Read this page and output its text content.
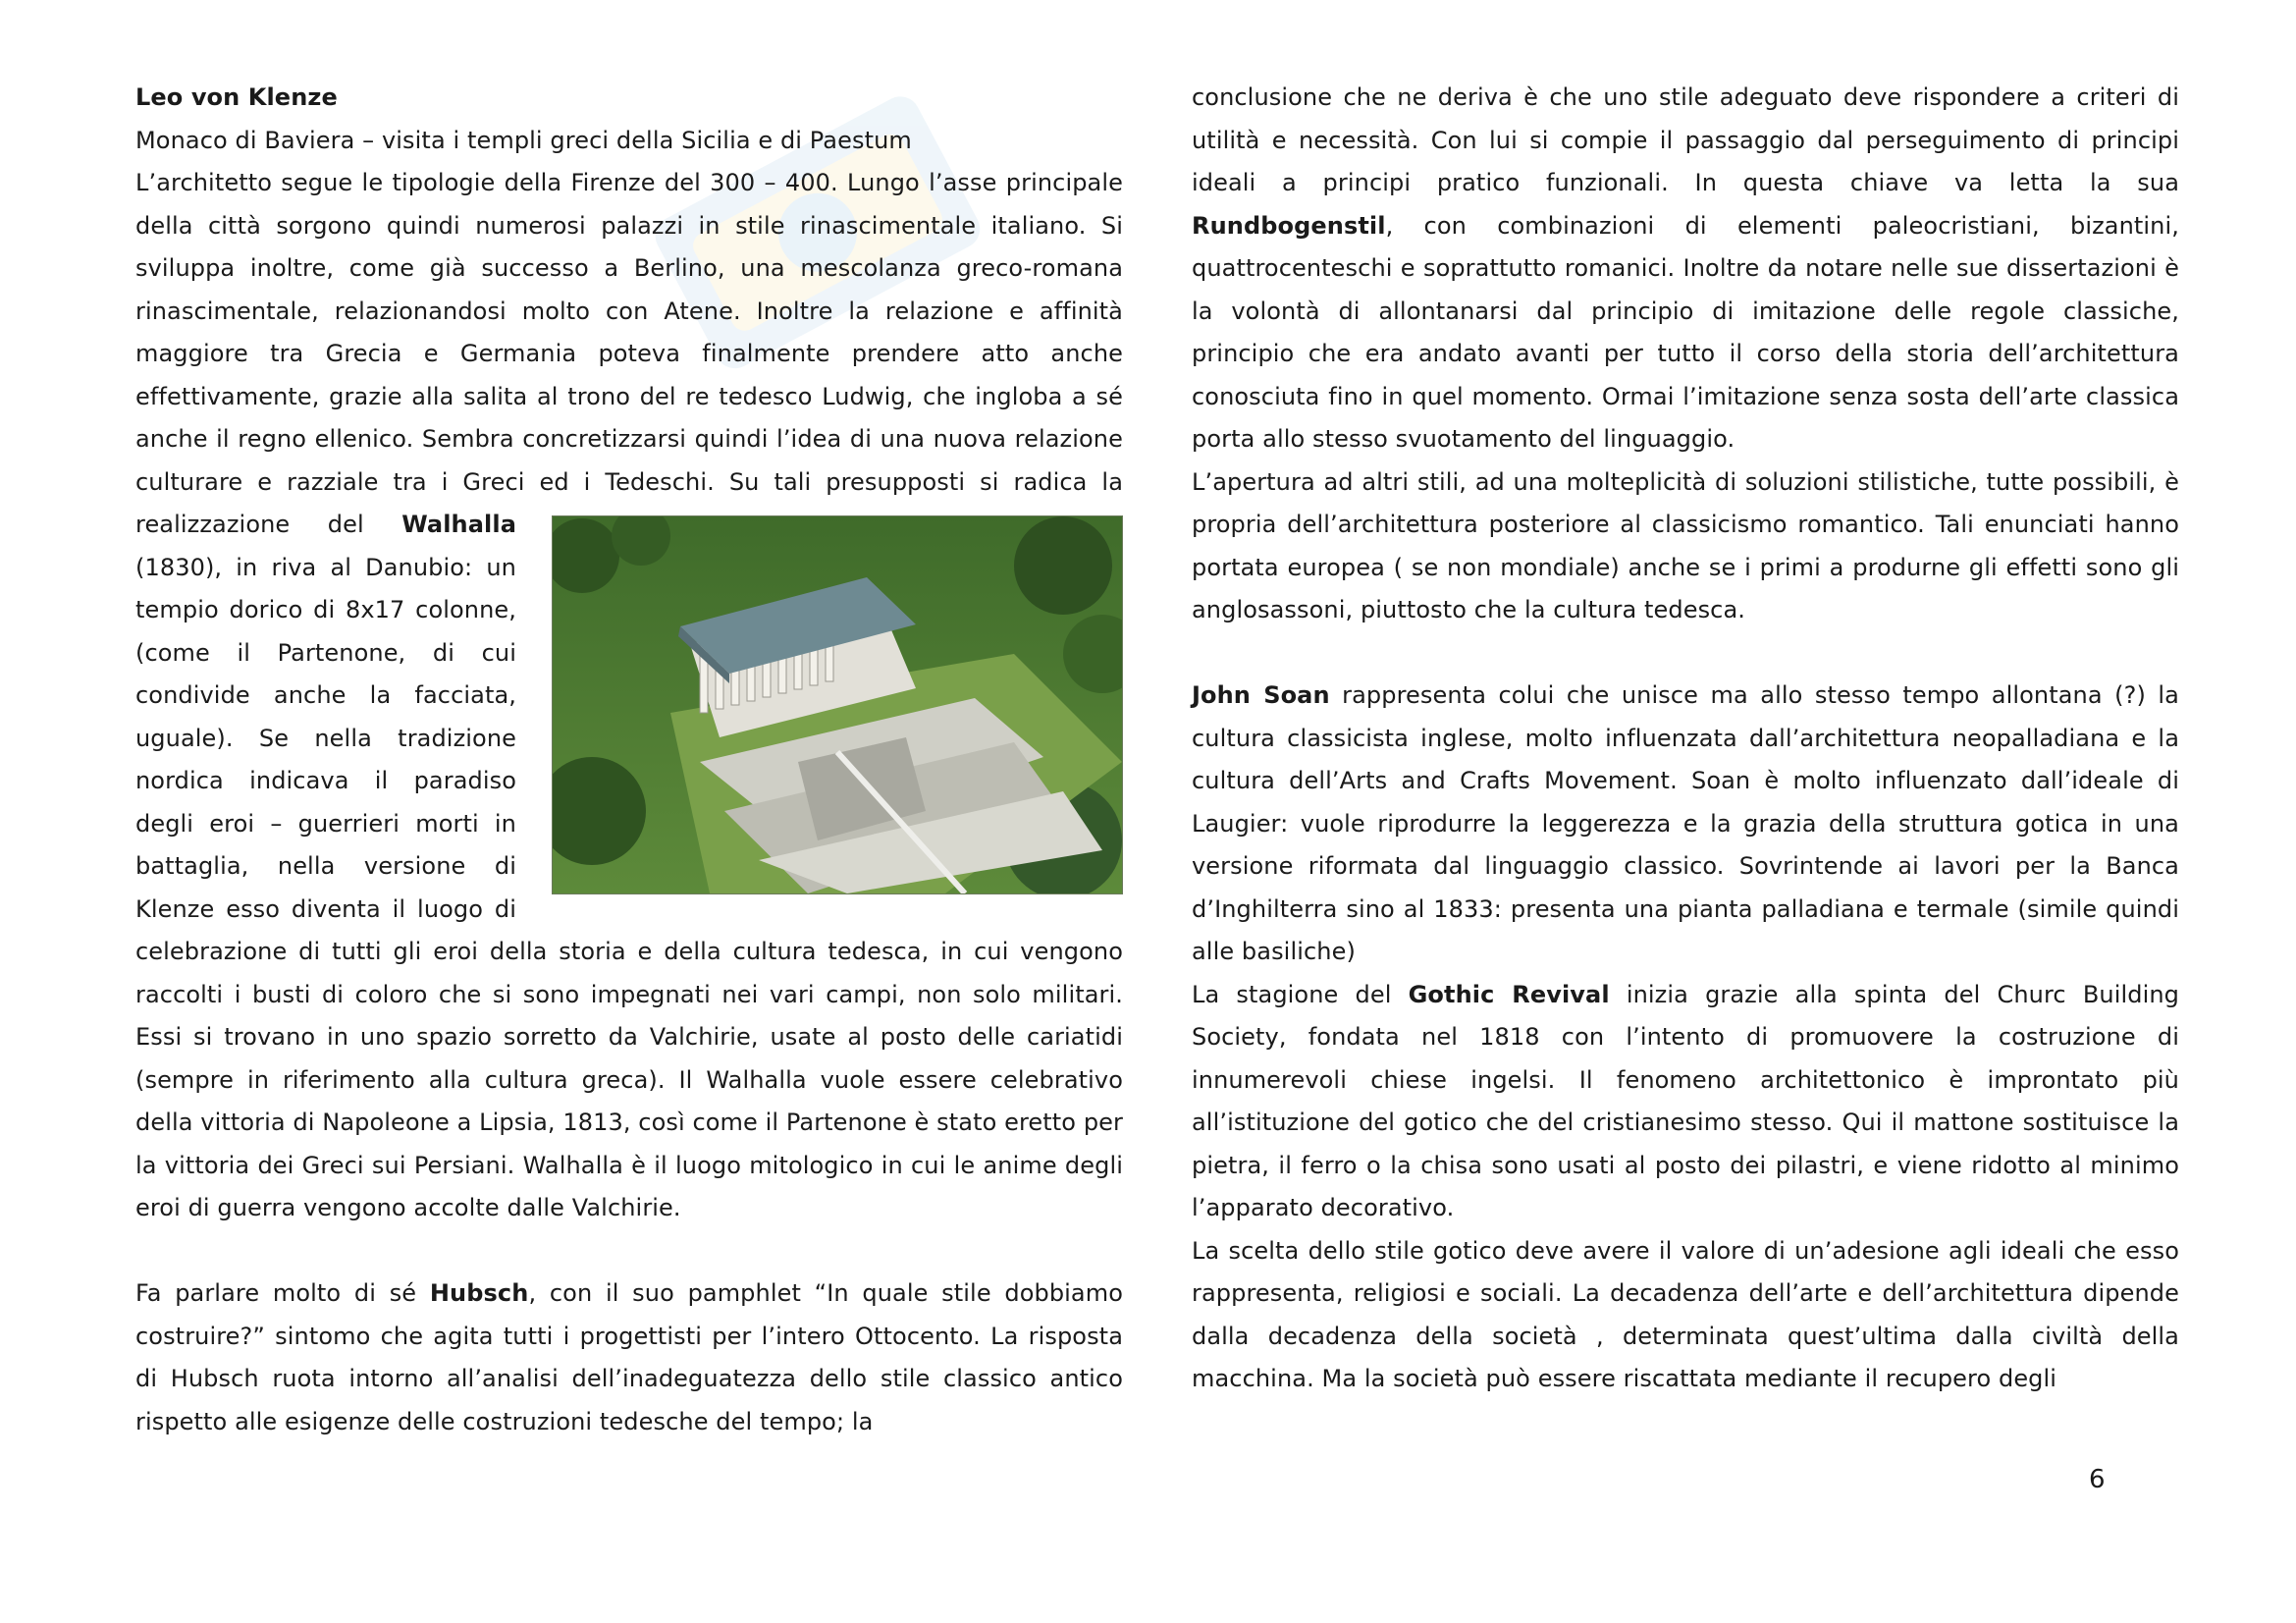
Leo von Klenze

Monaco di Baviera – visita i templi greci della Sicilia e di Paestum

L’architetto segue le tipologie della Firenze del 300 – 400. Lungo l’asse principale della città sorgono quindi numerosi palazzi in stile rinascimentale italiano. Si sviluppa inoltre, come già successo a Berlino, una mescolanza greco-romana rinascimentale, relazionandosi molto con Atene. Inoltre la relazione e affinità maggiore tra Grecia e Germania poteva finalmente prendere atto anche effettivamente, grazie alla salita al trono del re tedesco Ludwig, che ingloba a sé anche il regno ellenico. Sembra concretizzarsi quindi l’idea di una nuova relazione culturare e razziale tra i Greci ed i Tedeschi. Su tali presupposti si radica la realizzazione del
Walhalla (1830), in riva al Danubio: un tempio dorico di 8x17 colonne, (come il Partenone, di cui condivide anche la facciata, uguale). Se nella tradizione nordica indicava il paradiso degli eroi – guerrieri morti in battaglia, nella versione di Klenze esso diventa il luogo di celebrazione di tutti gli eroi della storia e della cultura tedesca, in cui vengono raccolti i busti di coloro che si sono impegnati nei vari campi, non solo militari. Essi si trovano in uno spazio sorretto da Valchirie, usate al posto delle cariatidi (sempre in riferimento alla cultura greca). Il Walhalla vuole essere celebrativo della vittoria di Napoleone a Lipsia, 1813, così come il Partenone è stato eretto per la vittoria dei Greci sui Persiani. Walhalla è il luogo mitologico in cui le anime degli eroi di guerra vengono accolte dalle Valchirie.

Fa parlare molto di sé Hubsch, con il suo pamphlet “In quale stile dobbiamo costruire?” sintomo che agita tutti i progettisti per l’intero Ottocento. La risposta di Hubsch ruota intorno all’analisi dell’inadeguatezza dello stile classico antico rispetto alle esigenze delle costruzioni tedesche del tempo; la

conclusione che ne deriva è che uno stile adeguato deve rispondere a criteri di utilità e necessità. Con lui si compie il passaggio dal perseguimento di principi ideali a principi pratico funzionali. In questa chiave va letta la sua Rundbogenstil, con combinazioni di elementi paleocristiani, bizantini, quattrocenteschi e soprattutto romanici. Inoltre da notare nelle sue dissertazioni è la volontà di allontanarsi dal principio di imitazione delle regole classiche, principio che era andato avanti per tutto il corso della storia dell’architettura conosciuta fino in quel momento. Ormai l’imitazione senza sosta dell’arte classica porta allo stesso svuotamento del linguaggio.

L’apertura ad altri stili, ad una molteplicità di soluzioni stilistiche, tutte possibili, è propria dell’architettura posteriore al classicismo romantico. Tali enunciati hanno portata europea ( se non mondiale) anche se i primi a produrne gli effetti sono gli anglosassoni, piuttosto che la cultura tedesca.

John Soan rappresenta colui che unisce ma allo stesso tempo allontana (?) la cultura classicista inglese, molto influenzata dall’architettura neopalladiana e la cultura dell’Arts and Crafts Movement. Soan è molto influenzato dall’ideale di Laugier: vuole riprodurre la leggerezza e la grazia della struttura gotica in una versione riformata dal linguaggio classico. Sovrintende ai lavori per la Banca d’Inghilterra sino al 1833: presenta una pianta palladiana e termale (simile quindi alle basiliche)

La stagione del Gothic Revival inizia grazie alla spinta del Churc Building Society, fondata nel 1818 con l’intento di promuovere la costruzione di innumerevoli chiese ingelsi. Il fenomeno architettonico è improntato più all’istituzione del gotico che del cristianesimo stesso. Qui il mattone sostituisce la pietra, il ferro o la chisa sono usati al posto dei pilastri, e viene ridotto al minimo l’apparato decorativo.

La scelta dello stile gotico deve avere il valore di un’adesione agli ideali che esso rappresenta, religiosi e sociali. La decadenza dell’arte e dell’architettura dipende dalla decadenza della società , determinata quest’ultima dalla civiltà della macchina. Ma la società può essere riscattata mediante il recupero degli

6
